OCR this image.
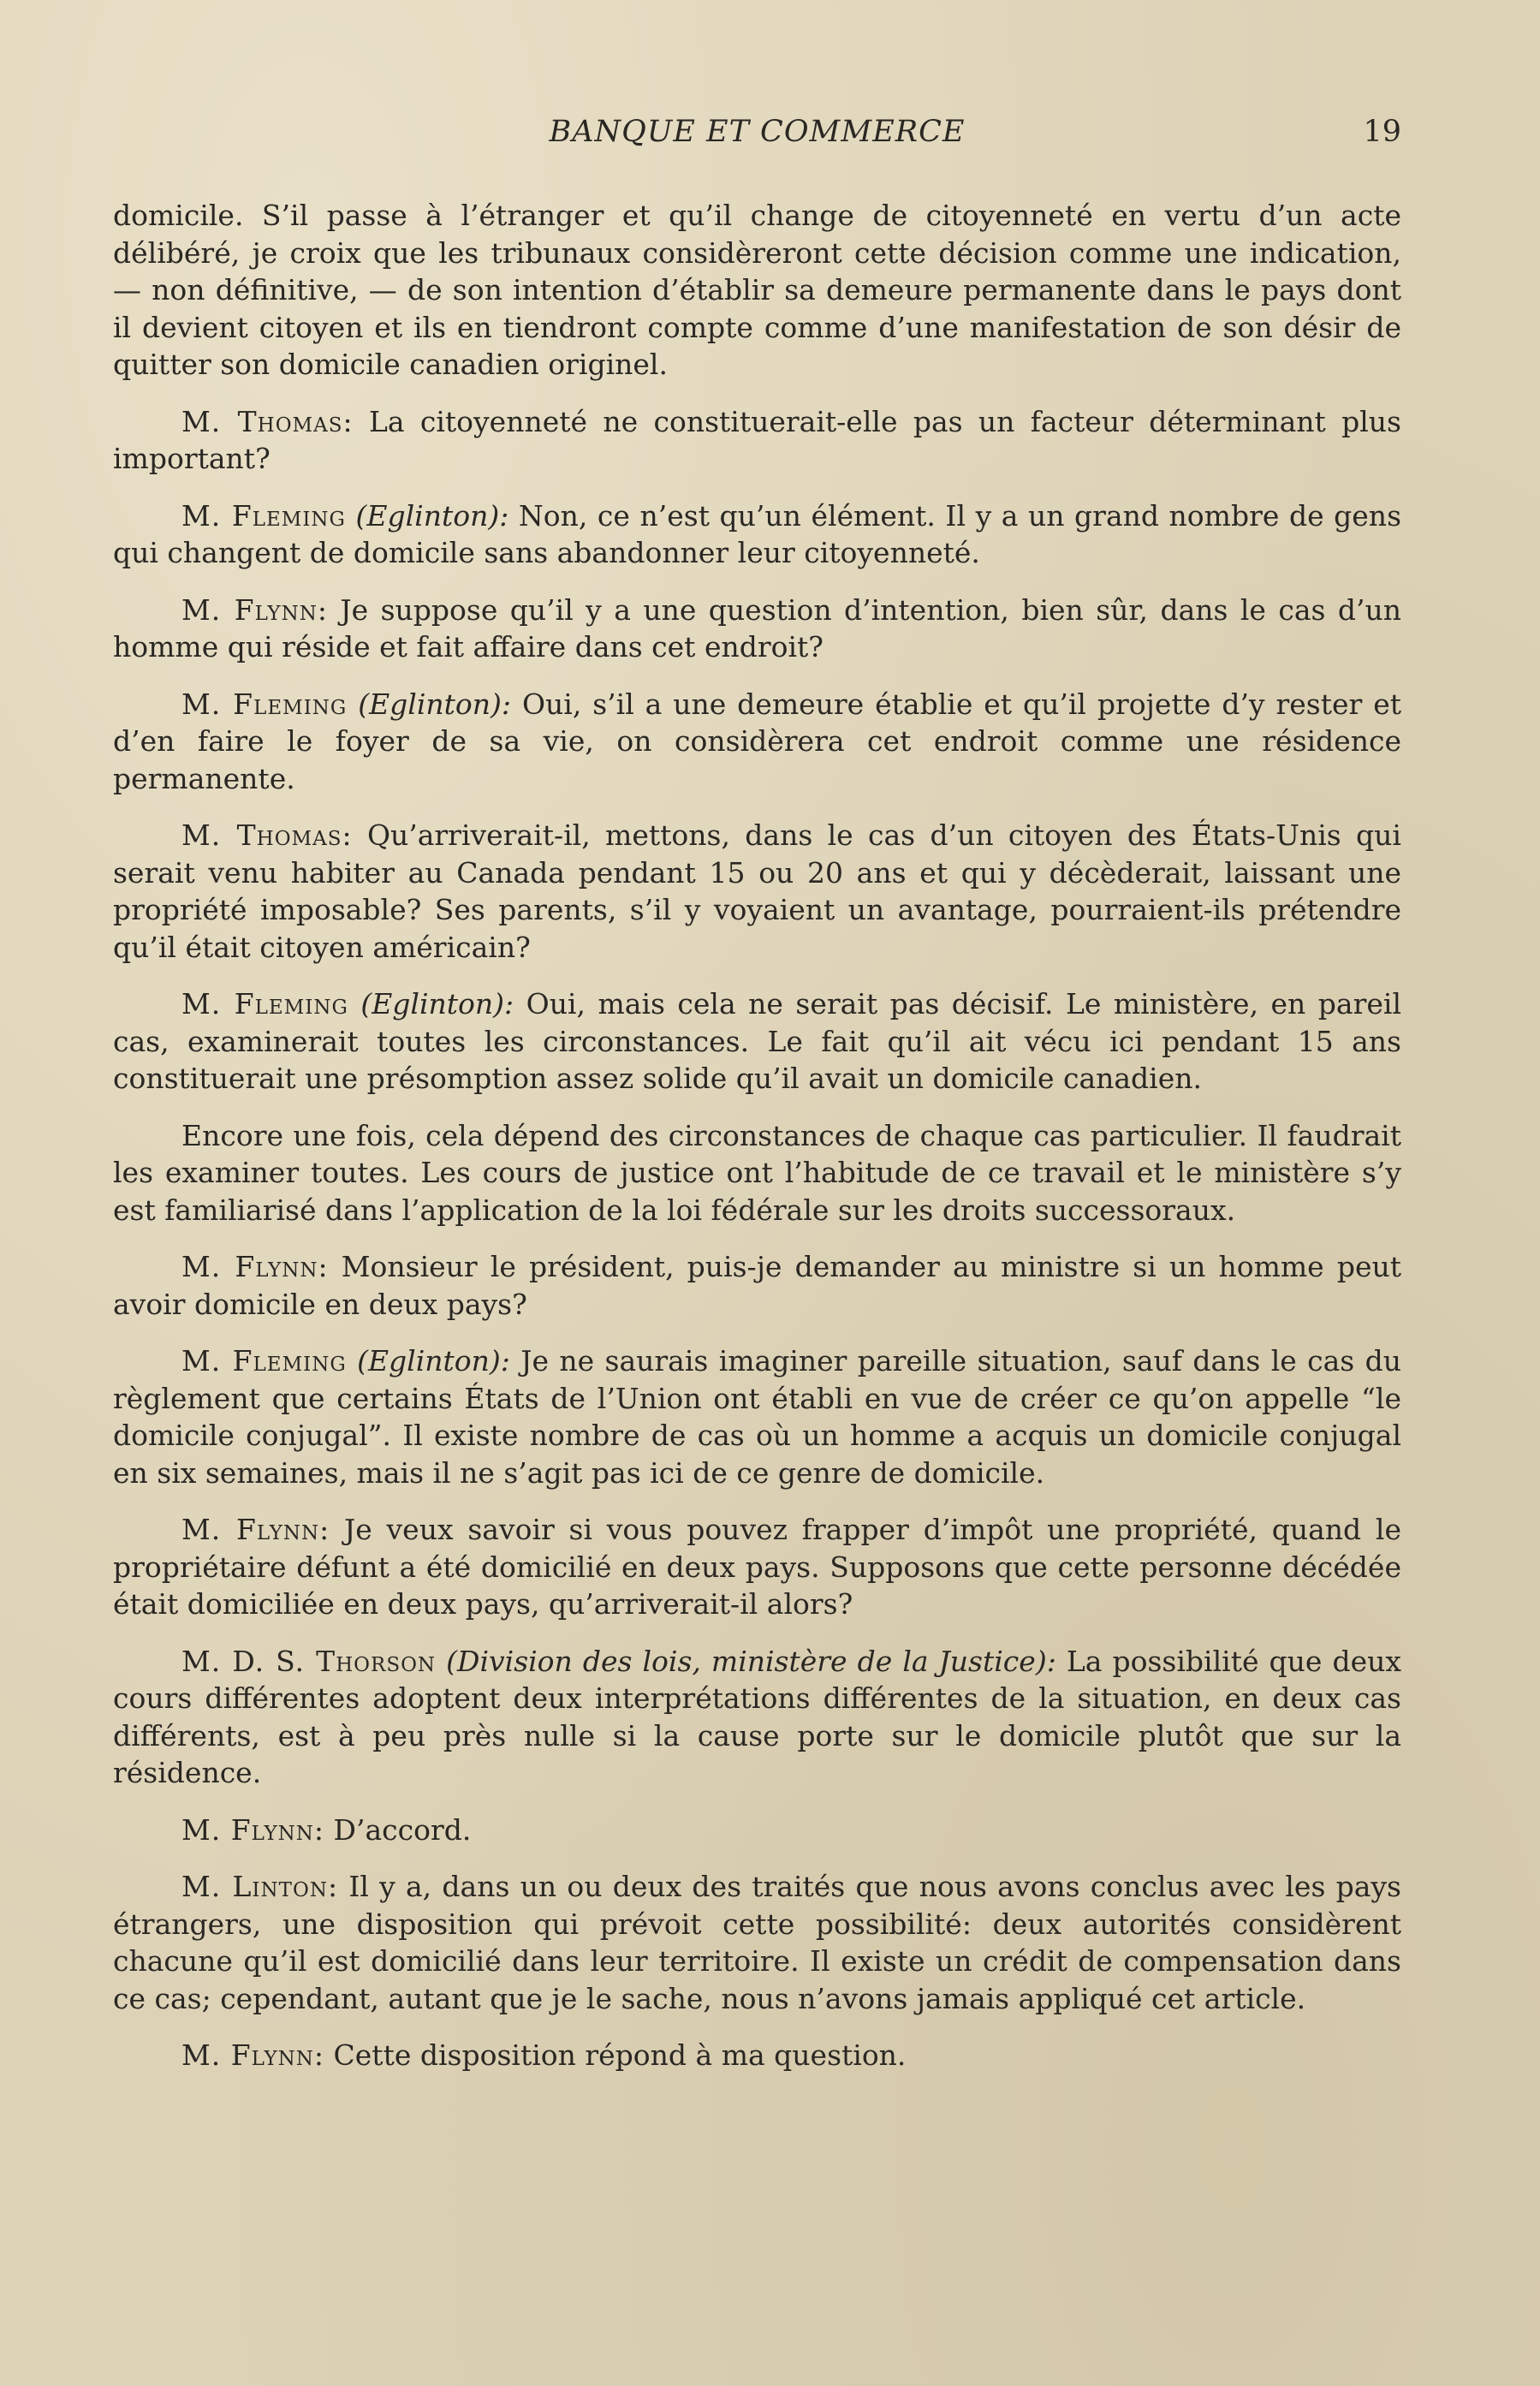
BANQUE ET COMMERCE	19

domicile. S’il passe à l’étranger et qu’il change de citoyenneté en vertu d’un acte délibéré, je croix que les tribunaux considèreront cette décision comme une indication, — non définitive, — de son intention d’établir sa demeure permanente dans le pays dont il devient citoyen et ils en tiendront compte comme d’une manifestation de son désir de quitter son domicile canadien originel.

M. Thomas: La citoyenneté ne constituerait-elle pas un facteur déterminant plus important?

M. Fleming (Eglinton): Non, ce n’est qu’un élément. Il y a un grand nombre de gens qui changent de domicile sans abandonner leur citoyenneté.

M. Flynn: Je suppose qu’il y a une question d’intention, bien sûr, dans le cas d’un homme qui réside et fait affaire dans cet endroit?

M. Fleming (Eglinton): Oui, s’il a une demeure établie et qu’il projette d’y rester et d’en faire le foyer de sa vie, on considèrera cet endroit comme une résidence permanente.

M. Thomas: Qu’arriverait-il, mettons, dans le cas d’un citoyen des États-Unis qui serait venu habiter au Canada pendant 15 ou 20 ans et qui y décèderait, laissant une propriété imposable? Ses parents, s’il y voyaient un avantage, pourraient-ils prétendre qu’il était citoyen américain?

M. Fleming (Eglinton): Oui, mais cela ne serait pas décisif. Le ministère, en pareil cas, examinerait toutes les circonstances. Le fait qu’il ait vécu ici pendant 15 ans constituerait une présomption assez solide qu’il avait un domicile canadien.

Encore une fois, cela dépend des circonstances de chaque cas particulier. Il faudrait les examiner toutes. Les cours de justice ont l’habitude de ce travail et le ministère s’y est familiarisé dans l’application de la loi fédérale sur les droits successoraux.

M. Flynn: Monsieur le président, puis-je demander au ministre si un homme peut avoir domicile en deux pays?

M. Fleming (Eglinton): Je ne saurais imaginer pareille situation, sauf dans le cas du règlement que certains États de l’Union ont établi en vue de créer ce qu’on appelle “le domicile conjugal”. Il existe nombre de cas où un homme a acquis un domicile conjugal en six semaines, mais il ne s’agit pas ici de ce genre de domicile.

M. Flynn: Je veux savoir si vous pouvez frapper d’impôt une propriété, quand le propriétaire défunt a été domicilié en deux pays. Supposons que cette personne décédée était domiciliée en deux pays, qu’arriverait-il alors?

M. D. S. Thorson (Division des lois, ministère de la Justice): La possibilité que deux cours différentes adoptent deux interprétations différentes de la situation, en deux cas différents, est à peu près nulle si la cause porte sur le domicile plutôt que sur la résidence.

M. Flynn: D’accord.

M. Linton: Il y a, dans un ou deux des traités que nous avons conclus avec les pays étrangers, une disposition qui prévoit cette possibilité: deux autorités considèrent chacune qu’il est domicilié dans leur territoire. Il existe un crédit de compensation dans ce cas; cependant, autant que je le sache, nous n’avons jamais appliqué cet article.

M. Flynn: Cette disposition répond à ma question.
